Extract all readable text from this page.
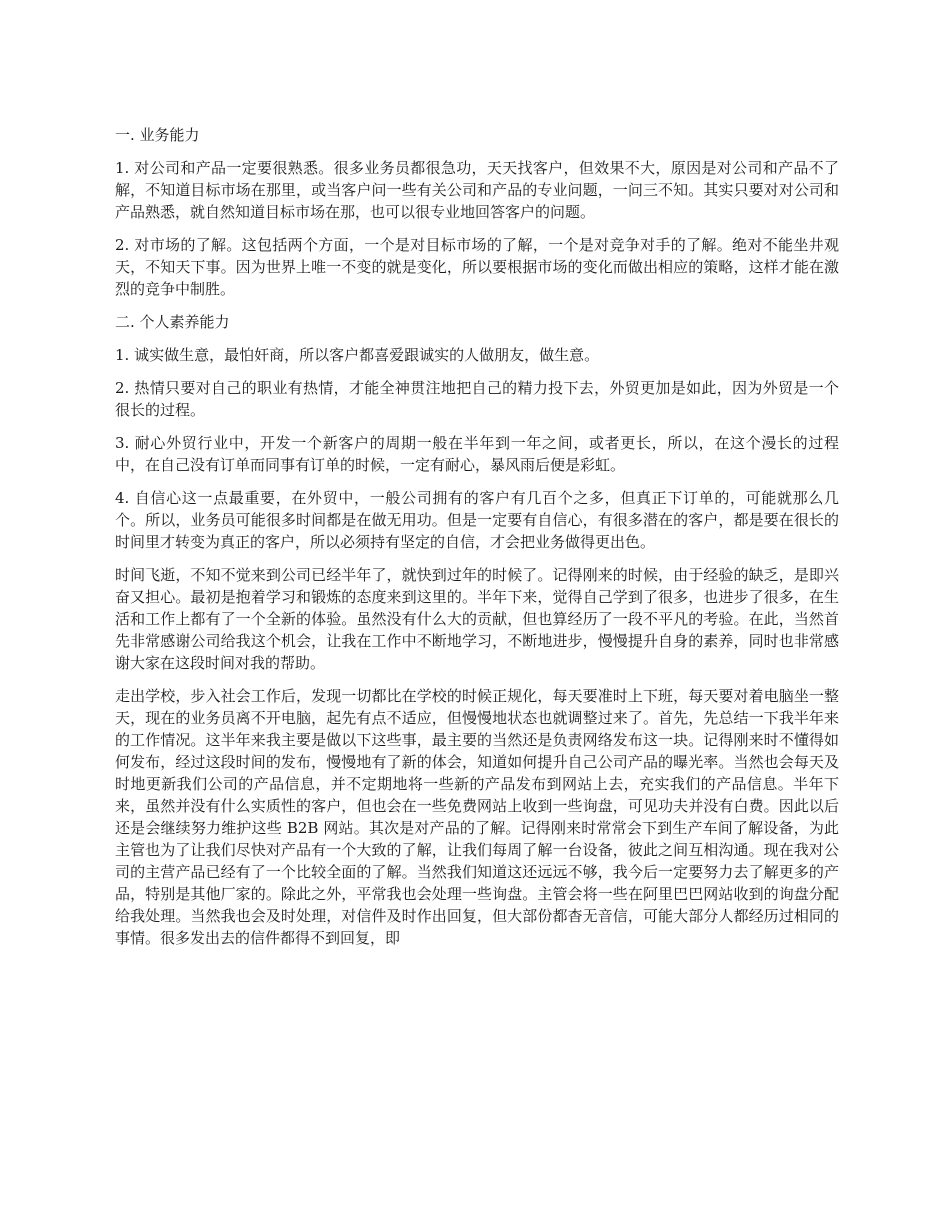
一. 业务能力

1. 对公司和产品一定要很熟悉。很多业务员都很急功，天天找客户，但效果不大，原因是对公司和产品不了解，不知道目标市场在那里，或当客户问一些有关公司和产品的专业问题，一问三不知。其实只要对对公司和产品熟悉，就自然知道目标市场在那，也可以很专业地回答客户的问题。

2. 对市场的了解。这包括两个方面，一个是对目标市场的了解，一个是对竞争对手的了解。绝对不能坐井观天，不知天下事。因为世界上唯一不变的就是变化，所以要根据市场的变化而做出相应的策略，这样才能在激烈的竞争中制胜。

二. 个人素养能力

1. 诚实做生意，最怕奸商，所以客户都喜爱跟诚实的人做朋友，做生意。

2. 热情只要对自己的职业有热情，才能全神贯注地把自己的精力投下去，外贸更加是如此，因为外贸是一个很长的过程。

3. 耐心外贸行业中，开发一个新客户的周期一般在半年到一年之间，或者更长，所以，在这个漫长的过程中，在自己没有订单而同事有订单的时候，一定有耐心，暴风雨后便是彩虹。

4. 自信心这一点最重要，在外贸中，一般公司拥有的客户有几百个之多，但真正下订单的，可能就那么几个。所以，业务员可能很多时间都是在做无用功。但是一定要有自信心，有很多潜在的客户，都是要在很长的时间里才转变为真正的客户，所以必须持有坚定的自信，才会把业务做得更出色。

时间飞逝，不知不觉来到公司已经半年了，就快到过年的时候了。记得刚来的时候，由于经验的缺乏，是即兴奋又担心。最初是抱着学习和锻炼的态度来到这里的。半年下来，觉得自己学到了很多，也进步了很多，在生活和工作上都有了一个全新的体验。虽然没有什么大的贡献，但也算经历了一段不平凡的考验。在此，当然首先非常感谢公司给我这个机会，让我在工作中不断地学习，不断地进步，慢慢提升自身的素养，同时也非常感谢大家在这段时间对我的帮助。

走出学校，步入社会工作后，发现一切都比在学校的时候正规化，每天要准时上下班，每天要对着电脑坐一整天，现在的业务员离不开电脑，起先有点不适应，但慢慢地状态也就调整过来了。首先，先总结一下我半年来的工作情况。这半年来我主要是做以下这些事，最主要的当然还是负责网络发布这一块。记得刚来时不懂得如何发布，经过这段时间的发布，慢慢地有了新的体会，知道如何提升自己公司产品的曝光率。当然也会每天及时地更新我们公司的产品信息，并不定期地将一些新的产品发布到网站上去，充实我们的产品信息。半年下来，虽然并没有什么实质性的客户，但也会在一些免费网站上收到一些询盘，可见功夫并没有白费。因此以后还是会继续努力维护这些 B2B 网站。其次是对产品的了解。记得刚来时常常会下到生产车间了解设备，为此主管也为了让我们尽快对产品有一个大致的了解，让我们每周了解一台设备，彼此之间互相沟通。现在我对公司的主营产品已经有了一个比较全面的了解。当然我们知道这还远远不够，我今后一定要努力去了解更多的产品，特别是其他厂家的。除此之外，平常我也会处理一些询盘。主管会将一些在阿里巴巴网站收到的询盘分配给我处理。当然我也会及时处理，对信件及时作出回复，但大部份都杳无音信，可能大部分人都经历过相同的事情。很多发出去的信件都得不到回复，即
